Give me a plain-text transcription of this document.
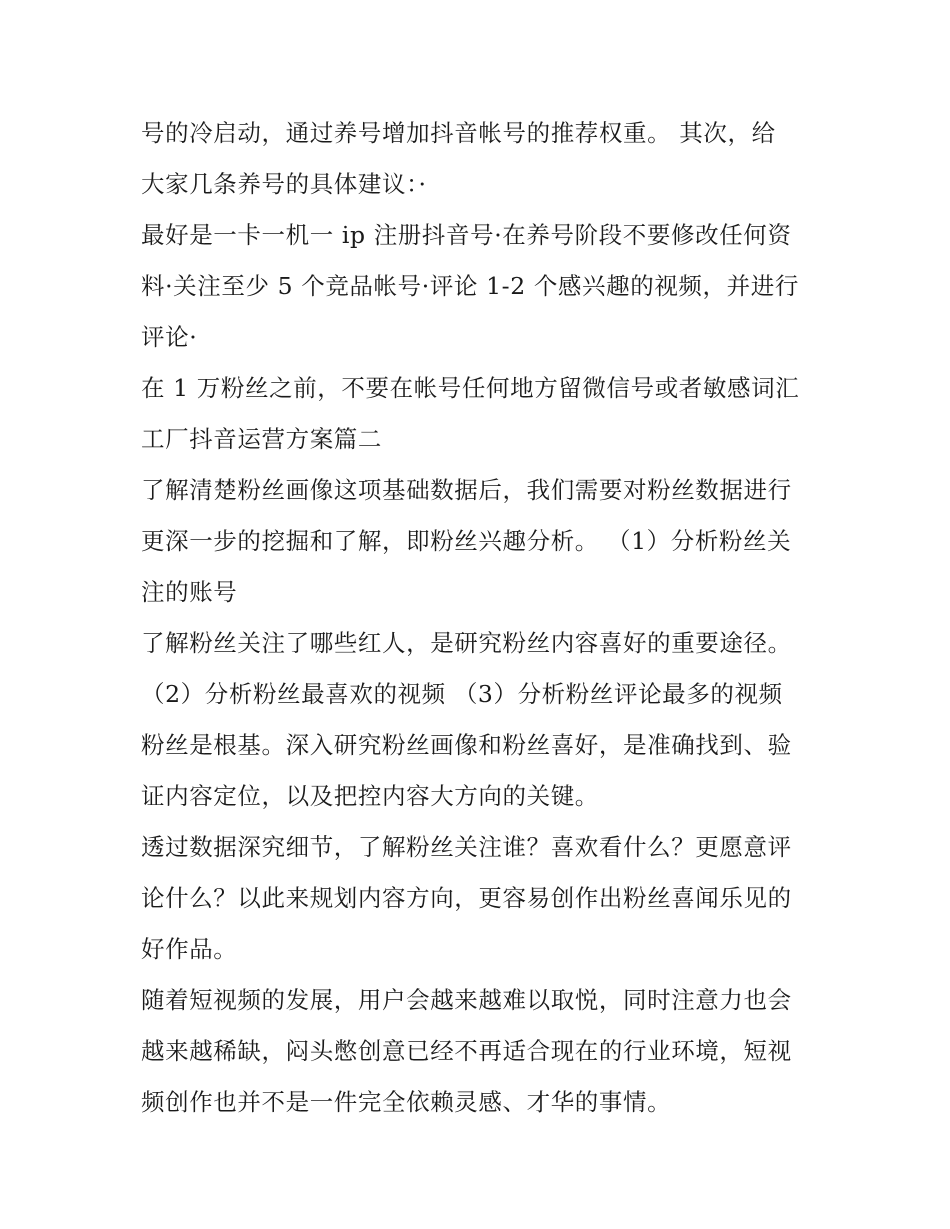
号的冷启动，通过养号增加抖音帐号的推荐权重。 其次，给
大家几条养号的具体建议：·
最好是一卡一机一 ip 注册抖音号·在养号阶段不要修改任何资
料·关注至少 5 个竞品帐号·评论 1-2 个感兴趣的视频，并进行
评论·
在 1 万粉丝之前，不要在帐号任何地方留微信号或者敏感词汇
工厂抖音运营方案篇二
了解清楚粉丝画像这项基础数据后，我们需要对粉丝数据进行
更深一步的挖掘和了解，即粉丝兴趣分析。 （1）分析粉丝关
注的账号
了解粉丝关注了哪些红人，是研究粉丝内容喜好的重要途径。
（2）分析粉丝最喜欢的视频 （3）分析粉丝评论最多的视频
粉丝是根基。深入研究粉丝画像和粉丝喜好，是准确找到、验
证内容定位，以及把控内容大方向的关键。
透过数据深究细节，了解粉丝关注谁？喜欢看什么？更愿意评
论什么？以此来规划内容方向，更容易创作出粉丝喜闻乐见的
好作品。
随着短视频的发展，用户会越来越难以取悦，同时注意力也会
越来越稀缺，闷头憋创意已经不再适合现在的行业环境，短视
频创作也并不是一件完全依赖灵感、才华的事情。
